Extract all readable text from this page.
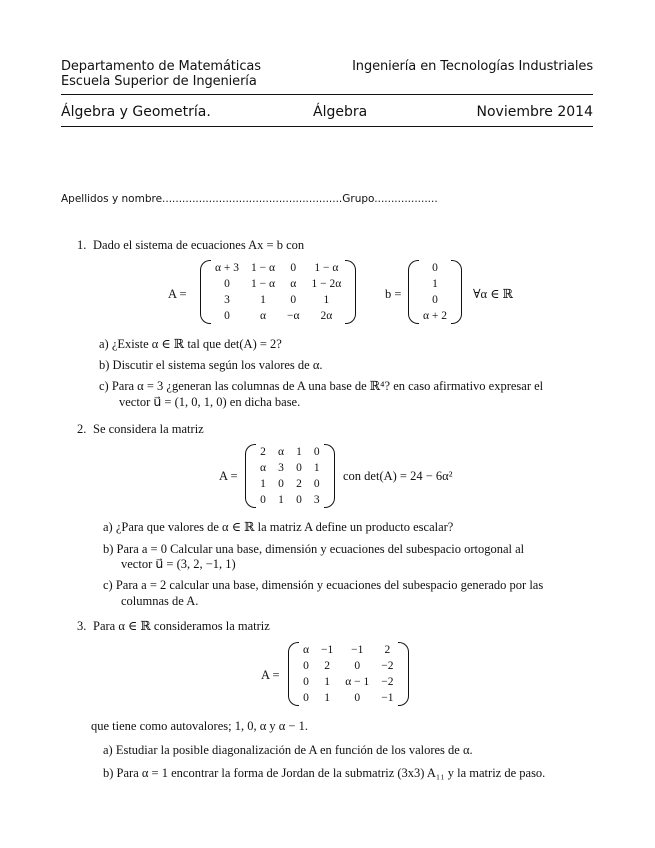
Departamento de Matemáticas
Escuela Superior de Ingeniería
Ingeniería en Tecnologías Industriales
Álgebra y Geometría.	Álgebra	Noviembre 2014
Apellidos y nombre......................................................Grupo...................
1. Dado el sistema de ecuaciones Ax = b con
A =
α + 3	1 − α	0	1 − α
0	1 − α	α	1 − 2α
3	1	0	1
0	α	−α	2α
b =
0
1
0
α + 2
∀α ∈ ℝ
a) ¿Existe α ∈ ℝ tal que det(A) = 2?
b) Discutir el sistema según los valores de α.
c) Para α = 3 ¿generan las columnas de A una base de ℝ⁴? en caso afirmativo expresar el
vector u⃗ = (1, 0, 1, 0) en dicha base.
2. Se considera la matriz
A =
2	α	1	0
α	3	0	1
1	0	2	0
0	1	0	3
con det(A) = 24 − 6α²
a) ¿Para que valores de α ∈ ℝ la matriz A define un producto escalar?
b) Para a = 0 Calcular una base, dimensión y ecuaciones del subespacio ortogonal al
vector u⃗ = (3, 2, −1, 1)
c) Para a = 2 calcular una base, dimensión y ecuaciones del subespacio generado por las
columnas de A.
3. Para α ∈ ℝ consideramos la matriz
A =
α	−1	−1	2
0	2	0	−2
0	1	α − 1	−2
0	1	0	−1
que tiene como autovalores; 1, 0, α y α − 1.
a) Estudiar la posible diagonalización de A en función de los valores de α.
b) Para α = 1 encontrar la forma de Jordan de la submatriz (3x3) A₁₁ y la matriz de paso.
